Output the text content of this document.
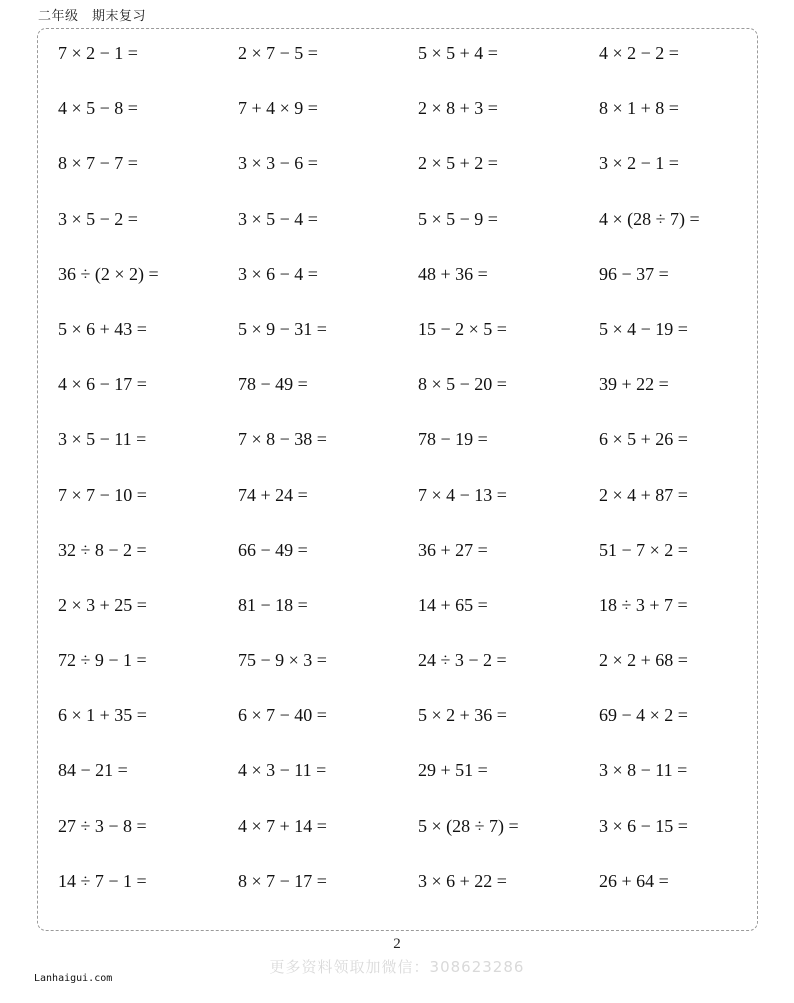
二年级　期末复习
7 × 2 − 1 =	2 × 7 − 5 =	5 × 5 + 4 =	4 × 2 − 2 =
4 × 5 − 8 =	7 + 4 × 9 =	2 × 8 + 3 =	8 × 1 + 8 =
8 × 7 − 7 =	3 × 3 − 6 =	2 × 5 + 2 =	3 × 2 − 1 =
3 × 5 − 2 =	3 × 5 − 4 =	5 × 5 − 9 =	4 × (28 ÷ 7) =
36 ÷ (2 × 2) =	3 × 6 − 4 =	48 + 36 =	96 − 37 =
5 × 6 + 43 =	5 × 9 − 31 =	15 − 2 × 5 =	5 × 4 − 19 =
4 × 6 − 17 =	78 − 49 =	8 × 5 − 20 =	39 + 22 =
3 × 5 − 11 =	7 × 8 − 38 =	78 − 19 =	6 × 5 + 26 =
7 × 7 − 10 =	74 + 24 =	7 × 4 − 13 =	2 × 4 + 87 =
32 ÷ 8 − 2 =	66 − 49 =	36 + 27 =	51 − 7 × 2 =
2 × 3 + 25 =	81 − 18 =	14 + 65 =	18 ÷ 3 + 7 =
72 ÷ 9 − 1 =	75 − 9 × 3 =	24 ÷ 3 − 2 =	2 × 2 + 68 =
6 × 1 + 35 =	6 × 7 − 40 =	5 × 2 + 36 =	69 − 4 × 2 =
84 − 21 =	4 × 3 − 11 =	29 + 51 =	3 × 8 − 11 =
27 ÷ 3 − 8 =	4 × 7 + 14 =	5 × (28 ÷ 7) =	3 × 6 − 15 =
14 ÷ 7 − 1 =	8 × 7 − 17 =	3 × 6 + 22 =	26 + 64 =
2
更多资料领取加微信：308623286
Lanhaigui.com
